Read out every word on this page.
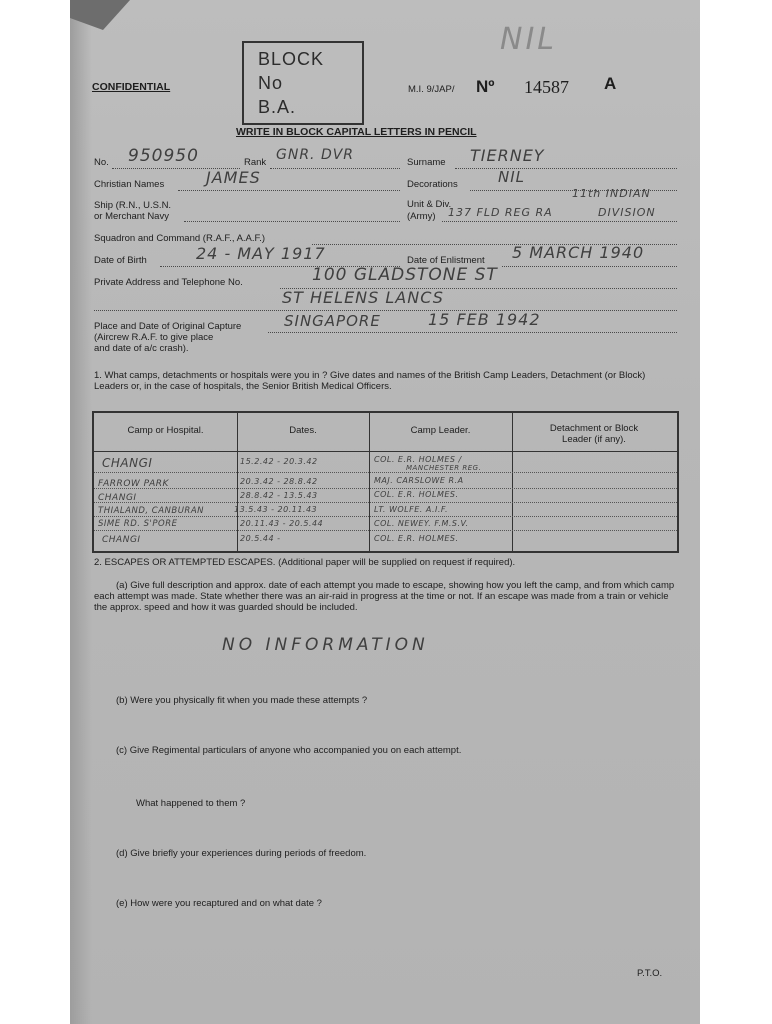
CONFIDENTIAL
BLOCK
No
B.A.
M.I. 9/JAP/ Nº 14587 A
NIL
WRITE IN BLOCK CAPITAL LETTERS IN PENCIL
No. 950950	Rank GNR. DVR	Surname TIERNEY
Christian Names	JAMES	Decorations	NIL
Ship (R.N., U.S.N.
or Merchant Navy
Unit & Div.
(Army)
11th INDIAN
137 FLD REG RA	DIVISION
Squadron and Command (R.A.F., A.A.F.)
Date of Birth	24 - MAY 1917	Date of Enlistment 5 MARCH 1940
Private Address and Telephone No.	100 GLADSTONE ST
ST HELENS LANCS
Place and Date of Original Capture
(Aircrew R.A.F. to give place
and date of a/c crash).
SINGAPORE	15 FEB 1942
1. What camps, detachments or hospitals were you in ? Give dates and names of the British Camp Leaders, Detachment (or Block) Leaders or, in the case of hospitals, the Senior British Medical Officers.
Camp or Hospital.	Dates.	Camp Leader.	Detachment or Block Leader (if any).
CHANGI	15.2.42 - 20.3.42	COL. E.R. HOLMES /
MANCHESTER REG.
FARROW PARK	20.3.42 - 28.8.42	MAJ. CARSLOWE R.A
CHANGI	28.8.42 - 13.5.43	COL. E.R. HOLMES.
THIALAND, CANBURAN	13.5.43 - 20.11.43	LT. WOLFE. A.I.F.
SIME RD. S'PORE	20.11.43 - 20.5.44	COL. NEWEY. F.M.S.V.
CHANGI	20.5.44 -	COL. E.R. HOLMES.
2. ESCAPES OR ATTEMPTED ESCAPES. (Additional paper will be supplied on request if required).
(a) Give full description and approx. date of each attempt you made to escape, showing how you left the camp, and from which camp each attempt was made. State whether there was an air-raid in progress at the time or not. If an escape was made from a train or vehicle the approx. speed and how it was guarded should be included.
NO INFORMATION
(b) Were you physically fit when you made these attempts ?
(c) Give Regimental particulars of anyone who accompanied you on each attempt.
What happened to them ?
(d) Give briefly your experiences during periods of freedom.
(e) How were you recaptured and on what date ?
P.T.O.
